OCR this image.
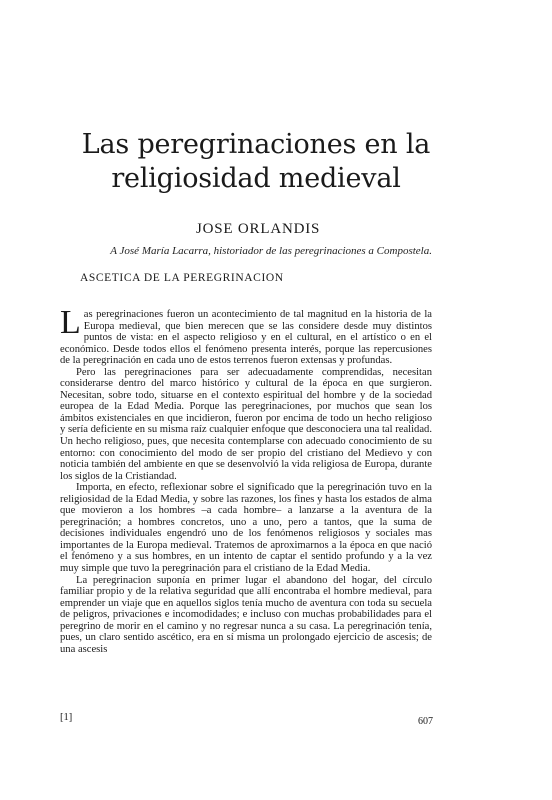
Las peregrinaciones en la
religiosidad medieval
JOSE ORLANDIS
A José María Lacarra, historiador de las peregrinaciones a Compostela.
ASCETICA DE LA PEREGRINACION

Las peregrinaciones fueron un acontecimiento de tal magnitud en la historia de la Europa medieval, que bien merecen que se las considere desde muy distintos puntos de vista: en el aspecto religioso y en el cultural, en el artístico o en el económico. Desde todos ellos el fenómeno presenta interés, porque las repercusiones de la peregrinación en cada uno de estos terrenos fueron extensas y profundas.

Pero las peregrinaciones para ser adecuadamente comprendidas, necesitan considerarse dentro del marco histórico y cultural de la época en que surgieron. Necesitan, sobre todo, situarse en el contexto espiritual del hombre y de la sociedad europea de la Edad Media. Porque las peregrinaciones, por muchos que sean los ámbitos existenciales en que incidieron, fueron por encima de todo un hecho religioso y sería deficiente en su misma raíz cualquier enfoque que desconociera una tal realidad. Un hecho religioso, pues, que necesita contemplarse con adecuado conocimiento de su entorno: con conocimiento del modo de ser propio del cristiano del Medievo y con noticia también del ambiente en que se desenvolvió la vida religiosa de Europa, durante los siglos de la Cristiandad.

Importa, en efecto, reflexionar sobre el significado que la peregrinación tuvo en la religiosidad de la Edad Media, y sobre las razones, los fines y hasta los estados de alma que movieron a los hombres –a cada hombre– a lanzarse a la aventura de la peregrinación; a hombres concretos, uno a uno, pero a tantos, que la suma de decisiones individuales engendró uno de los fenómenos religiosos y sociales mas importantes de la Europa medieval. Tratemos de aproximarnos a la época en que nació el fenómeno y a sus hombres, en un intento de captar el sentido profundo y a la vez muy simple que tuvo la peregrinación para el cristiano de la Edad Media.

La peregrinacion suponía en primer lugar el abandono del hogar, del círculo familiar propio y de la relativa seguridad que allí encontraba el hombre medieval, para emprender un viaje que en aquellos siglos tenía mucho de aventura con toda su secuela de peligros, privaciones e incomodidades; e incluso con muchas probabilidades para el peregrino de morir en el camino y no regresar nunca a su casa. La peregrinación tenía, pues, un claro sentido ascético, era en sí misma un prolongado ejercicio de ascesis; de una ascesis

[1]	607
